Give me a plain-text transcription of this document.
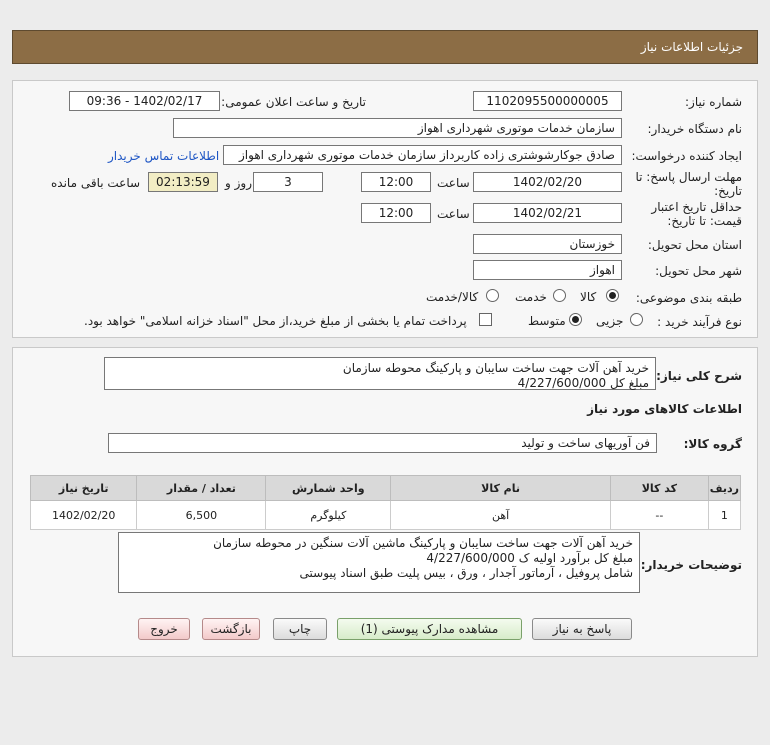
جزئیات اطلاعات نیاز
شماره نیاز:
1102095500000005
تاریخ و ساعت اعلان عمومی:
1402/02/17 - 09:36
نام دستگاه خریدار:
سازمان خدمات موتوری شهرداری اهواز
ایجاد کننده درخواست:
صادق جوکارشوشتری زاده کاربرداز سازمان خدمات موتوری شهرداری اهواز
اطلاعات تماس خریدار
مهلت ارسال پاسخ: تا
تاریخ:
1402/02/20
ساعت
12:00
3
روز و
02:13:59
ساعت باقی مانده
حداقل تاریخ اعتبار
قیمت: تا تاریخ:
1402/02/21
ساعت
12:00
استان محل تحویل:
خوزستان
شهر محل تحویل:
اهواز
طبقه بندی موضوعی:
کالا
خدمت
کالا/خدمت
نوع فرآیند خرید :
جزیی
متوسط
پرداخت تمام یا بخشی از مبلغ خرید،از محل "اسناد خزانه اسلامی" خواهد بود.
شرح کلی نیاز:
خرید آهن آلات جهت ساخت سایبان و پارکینگ محوطه سازمان
مبلغ کل 4/227/600/000
اطلاعات کالاهای مورد نیاز
گروه کالا:
فن آوریهای ساخت و تولید
ردیف	کد کالا	نام کالا	واحد شمارش	تعداد / مقدار	تاریخ نیاز
1	--	آهن	کیلوگرم	6,500	1402/02/20
توضیحات خریدار:
خرید آهن آلات جهت ساخت سایبان و پارکینگ ماشین آلات سنگین در محوطه سازمان
مبلغ کل برآورد اولیه ک 4/227/600/000
شامل پروفیل ، آرماتور آجدار ، ورق ، بیس پلیت طبق اسناد پیوستی
پاسخ به نیاز
مشاهده مدارک پیوستی (1)
چاپ
بازگشت
خروج
